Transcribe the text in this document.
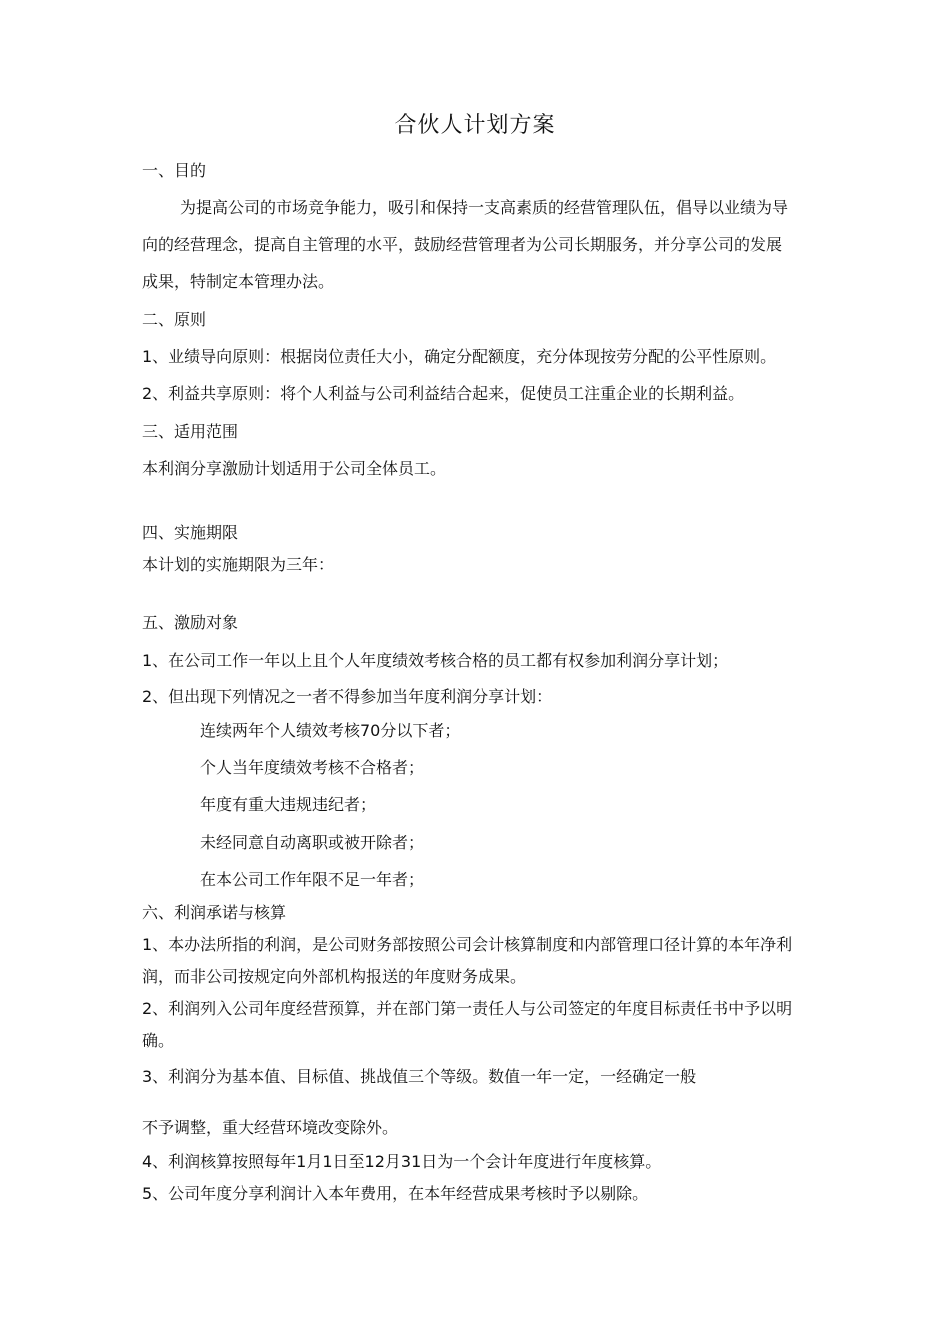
合伙人计划方案
一、目的
为提高公司的市场竞争能力，吸引和保持一支高素质的经营管理队伍，倡导以业绩为导
向的经营理念，提高自主管理的水平，鼓励经营管理者为公司长期服务，并分享公司的发展
成果，特制定本管理办法。
二、原则
1、业绩导向原则：根据岗位责任大小，确定分配额度，充分体现按劳分配的公平性原则。
2、利益共享原则：将个人利益与公司利益结合起来，促使员工注重企业的长期利益。
三、适用范围
本利润分享激励计划适用于公司全体员工。
四、实施期限
本计划的实施期限为三年：
五、激励对象
1、在公司工作一年以上且个人年度绩效考核合格的员工都有权参加利润分享计划；
2、但出现下列情况之一者不得参加当年度利润分享计划：
连续两年个人绩效考核70分以下者；
个人当年度绩效考核不合格者；
年度有重大违规违纪者；
未经同意自动离职或被开除者；
在本公司工作年限不足一年者；
六、利润承诺与核算
1、本办法所指的利润，是公司财务部按照公司会计核算制度和内部管理口径计算的本年净利
润，而非公司按规定向外部机构报送的年度财务成果。
2、利润列入公司年度经营预算，并在部门第一责任人与公司签定的年度目标责任书中予以明
确。
3、利润分为基本值、目标值、挑战值三个等级。数值一年一定，一经确定一般
不予调整，重大经营环境改变除外。
4、利润核算按照每年1月1日至12月31日为一个会计年度进行年度核算。
5、公司年度分享利润计入本年费用，在本年经营成果考核时予以剔除。
